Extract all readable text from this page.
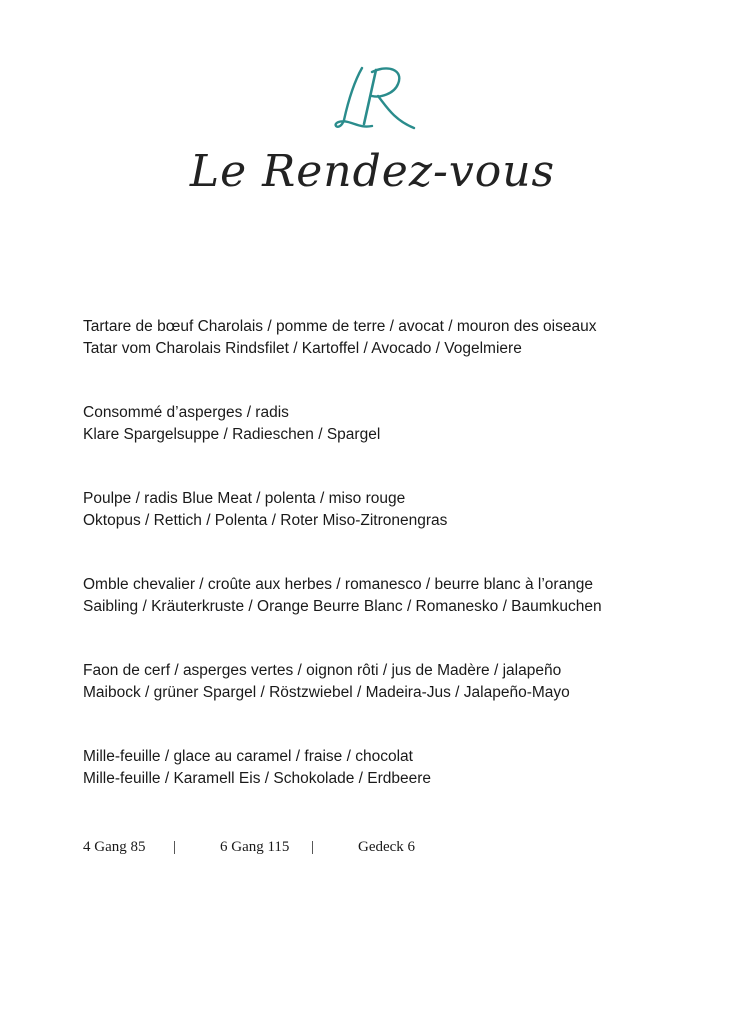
Le Rendez-vous
Tartare de bœuf Charolais / pomme de terre / avocat / mouron des oiseaux
Tatar vom Charolais Rindsfilet / Kartoffel / Avocado / Vogelmiere
Consommé d’asperges / radis
Klare Spargelsuppe / Radieschen / Spargel
Poulpe / radis Blue Meat / polenta / miso rouge
Oktopus / Rettich / Polenta / Roter Miso-Zitronengras
Omble chevalier / croûte aux herbes / romanesco / beurre blanc à l’orange
Saibling / Kräuterkruste / Orange Beurre Blanc / Romanesko / Baumkuchen
Faon de cerf / asperges vertes / oignon rôti / jus de Madère / jalapeño
Maibock / grüner Spargel / Röstzwiebel / Madeira-Jus / Jalapeño-Mayo
Mille-feuille / glace au caramel / fraise / chocolat
Mille-feuille / Karamell Eis / Schokolade / Erdbeere
4 Gang 85 |	6 Gang 115 |	Gedeck 6
